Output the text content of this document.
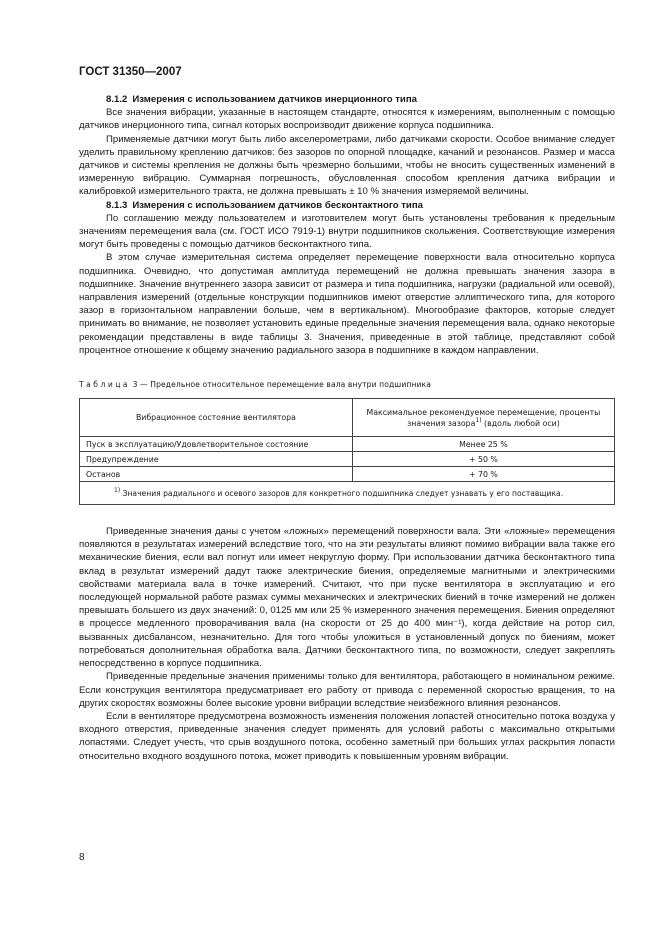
ГОСТ 31350—2007
8.1.2 Измерения с использованием датчиков инерционного типа

Все значения вибрации, указанные в настоящем стандарте, относятся к измерениям, выполненным с помощью датчиков инерционного типа, сигнал которых воспроизводит движение корпуса подшипника.

Применяемые датчики могут быть либо акселерометрами, либо датчиками скорости. Особое внимание следует уделить правильному креплению датчиков: без зазоров по опорной площадке, качаний и резонансов. Размер и масса датчиков и системы крепления не должны быть чрезмерно большими, чтобы не вносить существенных изменений в измеренную вибрацию. Суммарная погрешность, обусловленная способом крепления датчика вибрации и калибровкой измерительного тракта, не должна превышать ± 10 % значения измеряемой величины.

8.1.3 Измерения с использованием датчиков бесконтактного типа

По соглашению между пользователем и изготовителем могут быть установлены требования к предельным значениям перемещения вала (см. ГОСТ ИСО 7919-1) внутри подшипников скольжения. Соответствующие измерения могут быть проведены с помощью датчиков бесконтактного типа.

В этом случае измерительная система определяет перемещение поверхности вала относительно корпуса подшипника. Очевидно, что допустимая амплитуда перемещений не должна превышать значения зазора в подшипнике. Значение внутреннего зазора зависит от размера и типа подшипника, нагрузки (радиальной или осевой), направления измерений (отдельные конструкции подшипников имеют отверстие эллиптического типа, для которого зазор в горизонтальном направлении больше, чем в вертикальном). Многообразие факторов, которые следует принимать во внимание, не позволяет установить единые предельные значения перемещения вала, однако некоторые рекомендации представлены в виде таблицы 3. Значения, приведенные в этой таблице, представляют собой процентное отношение к общему значению радиального зазора в подшипнике в каждом направлении.

Таблица 3 — Предельное относительное перемещение вала внутри подшипника
Вибрационное состояние вентилятора	Максимальное рекомендуемое перемещение, проценты значения зазора$^{1)}$ (вдоль любой оси)
Пуск в эксплуатацию/Удовлетворительное состояние	Менее 25 %
Предупреждение	+ 50 %
Останов	+ 70 %
$^{1)}$ Значения радиального и осевого зазоров для конкретного подшипника следует узнавать у его поставщика.	

Приведенные значения даны с учетом «ложных» перемещений поверхности вала. Эти «ложные» перемещения появляются в результатах измерений вследствие того, что на эти результаты влияют помимо вибрации вала также его механические биения, если вал погнут или имеет некруглую форму. При использовании датчика бесконтактного типа вклад в результат измерений дадут также электрические биения, определяемые магнитными и электрическими свойствами материала вала в точке измерений. Считают, что при пуске вентилятора в эксплуатацию и его последующей нормальной работе размах суммы механических и электрических биений в точке измерений не должен превышать большего из двух значений: 0, 0125 мм или 25 % измеренного значения перемещения. Биения определяют в процессе медленного проворачивания вала (на скорости от 25 до 400 мин⁻¹), когда действие на ротор сил, вызванных дисбалансом, незначительно. Для того чтобы уложиться в установленный допуск по биениям, может потребоваться дополнительная обработка вала. Датчики бесконтактного типа, по возможности, следует закреплять непосредственно в корпусе подшипника.

Приведенные предельные значения применимы только для вентилятора, работающего в номинальном режиме. Если конструкция вентилятора предусматривает его работу от привода с переменной скоростью вращения, то на других скоростях возможны более высокие уровни вибрации вследствие неизбежного влияния резонансов.

Если в вентиляторе предусмотрена возможность изменения положения лопастей относительно потока воздуха у входного отверстия, приведенные значения следует применять для условий работы с максимально открытыми лопастями. Следует учесть, что срыв воздушного потока, особенно заметный при больших углах раскрытия лопасти относительно входного воздушного потока, может приводить к повышенным уровням вибрации.

8
